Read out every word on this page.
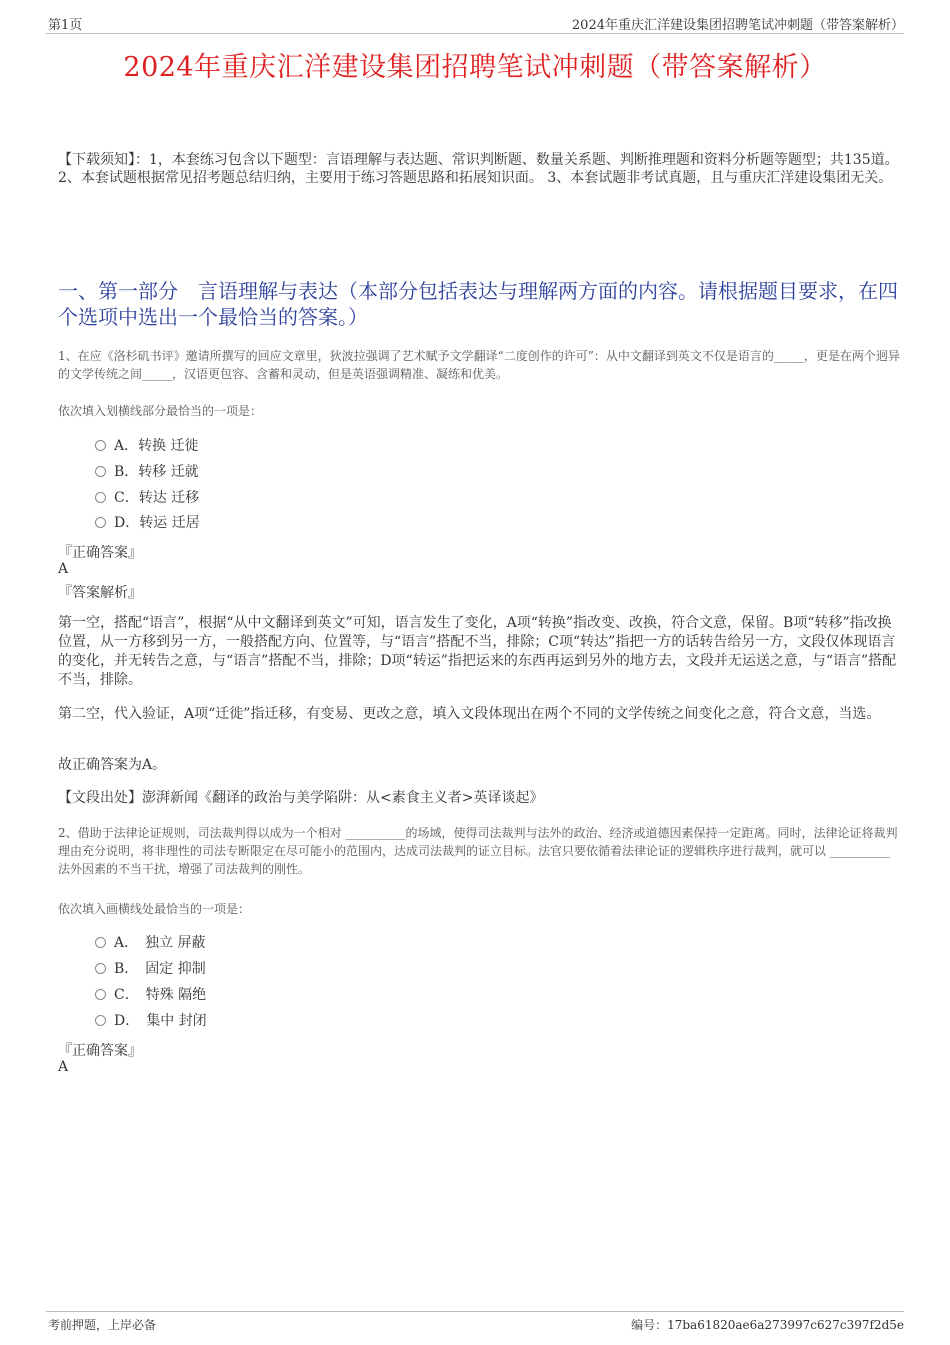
第1页	2024年重庆汇洋建设集团招聘笔试冲刺题（带答案解析）
2024年重庆汇洋建设集团招聘笔试冲刺题（带答案解析）
【下载须知】：1，本套练习包含以下题型：言语理解与表达题、常识判断题、数量关系题、判断推理题和资料分析题等题型；共135道。 2、本套试题根据常见招考题总结归纳，主要用于练习答题思路和拓展知识面。 3、本套试题非考试真题，且与重庆汇洋建设集团无关。
一、第一部分　言语理解与表达（本部分包括表达与理解两方面的内容。请根据题目要求，在四个选项中选出一个最恰当的答案。）
1、在应《洛杉矶书评》邀请所撰写的回应文章里，狄波拉强调了艺术赋予文学翻译“二度创作的许可”：从中文翻译到英文不仅是语言的_____，更是在两个迥异的文学传统之间_____，汉语更包容、含蓄和灵动，但是英语强调精准、凝练和优美。
依次填入划横线部分最恰当的一项是：
A．转换 迁徙
B．转移 迁就
C．转达 迁移
D．转运 迁居
『正确答案』
A
『答案解析』
第一空，搭配“语言”，根据“从中文翻译到英文”可知，语言发生了变化，A项“转换”指改变、改换，符合文意，保留。B项“转移”指改换位置，从一方移到另一方，一般搭配方向、位置等，与“语言”搭配不当，排除；C项“转达”指把一方的话转告给另一方，文段仅体现语言的变化，并无转告之意，与“语言”搭配不当，排除；D项“转运”指把运来的东西再运到另外的地方去，文段并无运送之意，与“语言”搭配不当，排除。
第二空，代入验证，A项“迁徙”指迁移，有变易、更改之意，填入文段体现出在两个不同的文学传统之间变化之意，符合文意，当选。
故正确答案为A。
【文段出处】澎湃新闻《翻译的政治与美学陷阱：从<素食主义者>英译谈起》
2、借助于法律论证规则，司法裁判得以成为一个相对 __________的场域，使得司法裁判与法外的政治、经济或道德因素保持一定距离。同时，法律论证将裁判理由充分说明，将非理性的司法专断限定在尽可能小的范围内，达成司法裁判的证立目标。法官只要依循着法律论证的逻辑秩序进行裁判，就可以 __________法外因素的不当干扰，增强了司法裁判的刚性。
依次填入画横线处最恰当的一项是：
A．　独立 屏蔽
B．　固定 抑制
C．　特殊 隔绝
D．　集中 封闭
『正确答案』
A
考前押题，上岸必备	编号：17ba61820ae6a273997c627c397f2d5e
